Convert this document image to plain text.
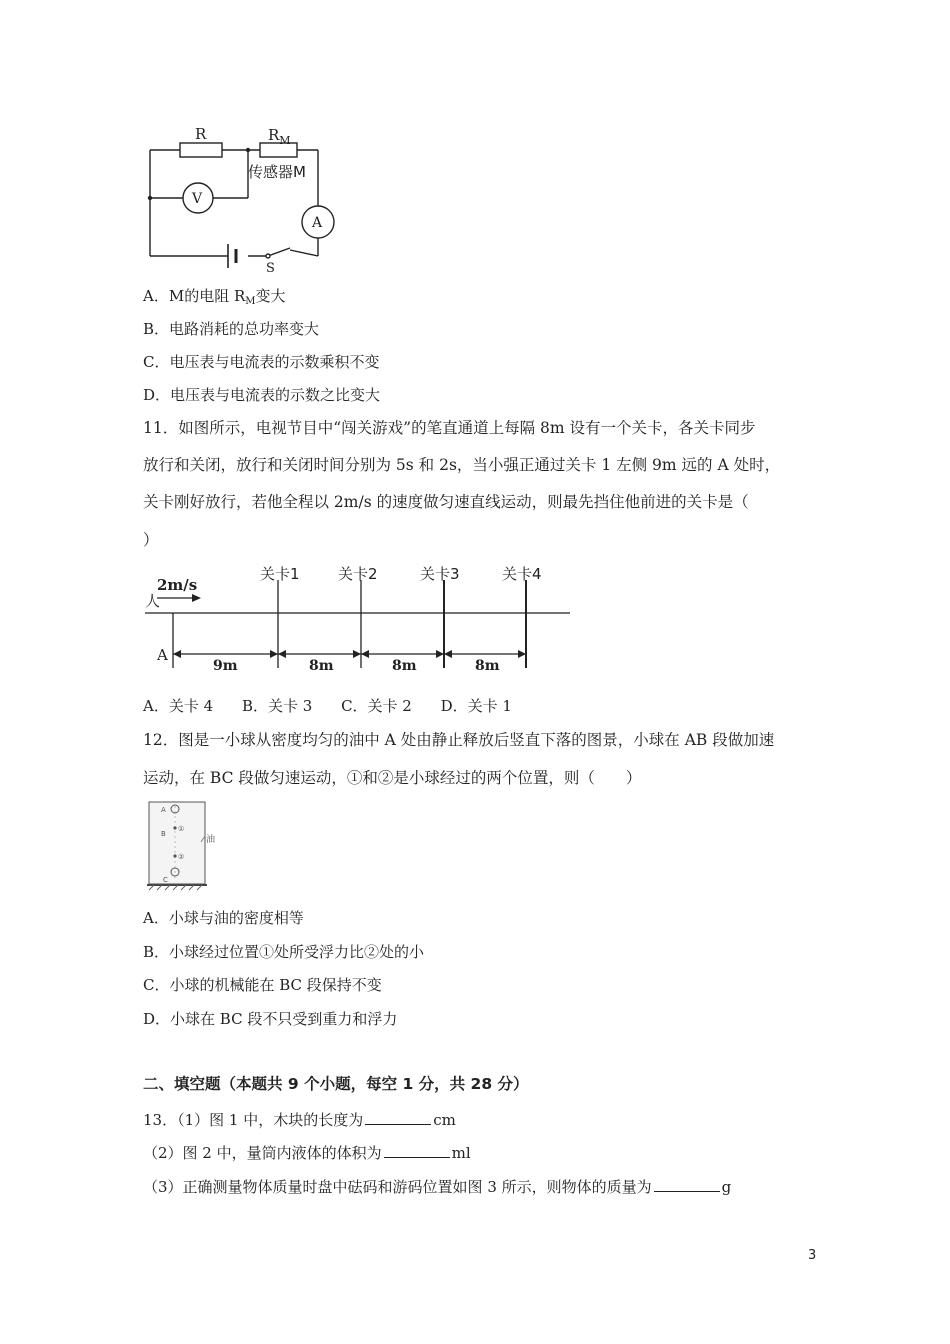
R	$R_M$
传感器M
V
A
S
A．M的电阻 $R_M$变大
B．电路消耗的总功率变大
C．电压表与电流表的示数乘积不变
D．电压表与电流表的示数之比变大
11．如图所示，电视节目中“闯关游戏”的笔直通道上每隔 8m 设有一个关卡，各关卡同步
放行和关闭，放行和关闭时间分别为 5s 和 2s，当小强正通过关卡 1 左侧 9m 远的 A 处时，
关卡刚好放行，若他全程以 2m/s 的速度做匀速直线运动，则最先挡住他前进的关卡是（
）
2m/s
人
A
关卡1	关卡2	关卡3	关卡4
9m	8m	8m	8m
A．关卡 4 B．关卡 3 C．关卡 2 D．关卡 1
12．图是一小球从密度均匀的油中 A 处由静止释放后竖直下落的图景，小球在 AB 段做加速
运动，在 BC 段做匀速运动，①和②是小球经过的两个位置，则（　　）
A
B
C
①
②
油
A．小球与油的密度相等
B．小球经过位置①处所受浮力比②处的小
C．小球的机械能在 BC 段保持不变
D．小球在 BC 段不只受到重力和浮力
二、填空题（本题共 9 个小题，每空 1 分，共 28 分）
13．（1）图 1 中，木块的长度为	cm
（2）图 2 中，量筒内液体的体积为	ml
（3）正确测量物体质量时盘中砝码和游码位置如图 3 所示，则物体的质量为	g
3
